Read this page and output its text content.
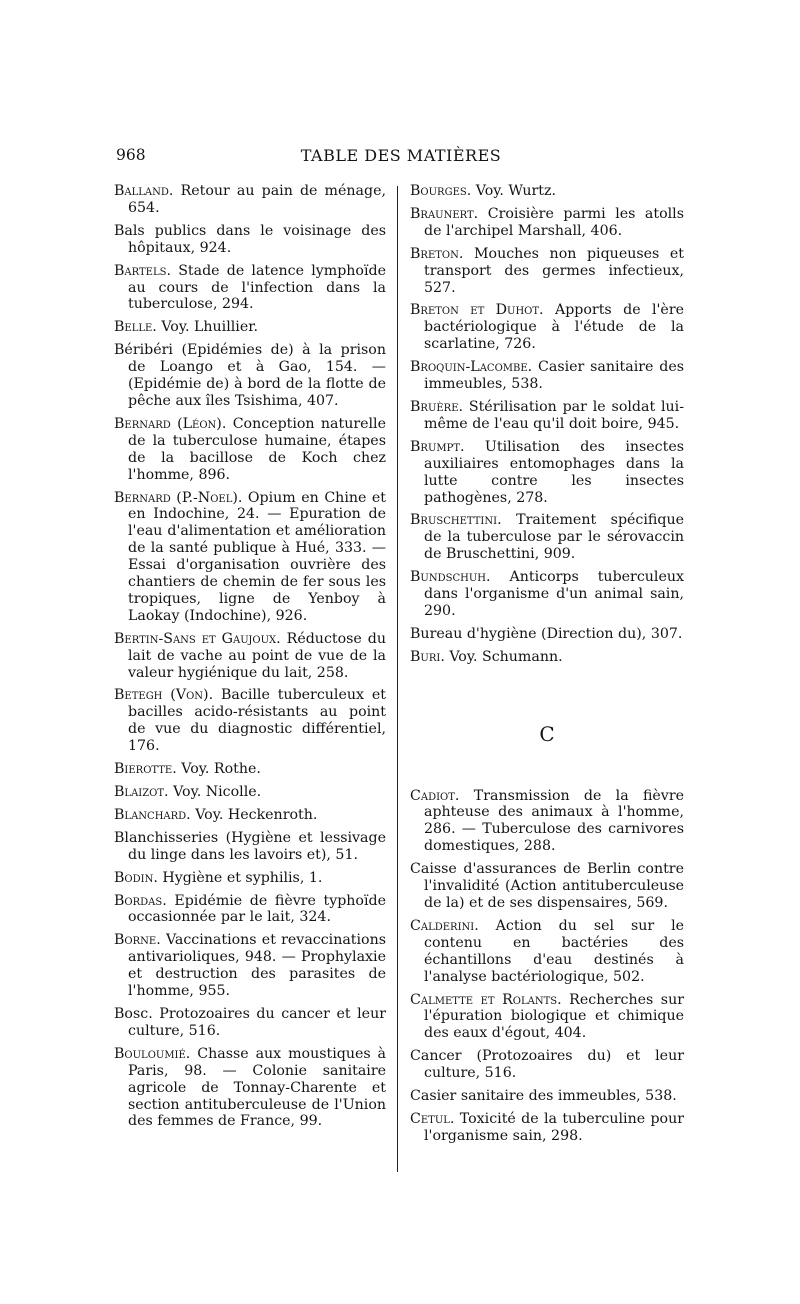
968	TABLE DES MATIÈRES

Balland. Retour au pain de ménage, 654.

Bals publics dans le voisinage des hôpitaux, 924.

Bartels. Stade de latence lymphoïde au cours de l'infection dans la tuberculose, 294.

Belle. Voy. Lhuillier.

Béribéri (Epidémies de) à la prison de Loango et à Gao, 154. — (Epidémie de) à bord de la flotte de pêche aux îles Tsishima, 407.

Bernard (Léon). Conception naturelle de la tuberculose humaine, étapes de la bacillose de Koch chez l'homme, 896.

Bernard (P.-Noel). Opium en Chine et en Indochine, 24. — Epuration de l'eau d'alimentation et amélioration de la santé publique à Hué, 333. — Essai d'organisation ouvrière des chantiers de chemin de fer sous les tropiques, ligne de Yenboy à Laokay (Indochine), 926.

Bertin-Sans et Gaujoux. Réductose du lait de vache au point de vue de la valeur hygiénique du lait, 258.

Betegh (Von). Bacille tuberculeux et bacilles acido-résistants au point de vue du diagnostic différentiel, 176.

Bierotte. Voy. Rothe.

Blaizot. Voy. Nicolle.

Blanchard. Voy. Heckenroth.

Blanchisseries (Hygiène et lessivage du linge dans les lavoirs et), 51.

Bodin. Hygiène et syphilis, 1.

Bordas. Epidémie de fièvre typhoïde occasionnée par le lait, 324.

Borne. Vaccinations et revaccinations antivarioliques, 948. — Prophylaxie et destruction des parasites de l'homme, 955.

Bosc. Protozoaires du cancer et leur culture, 516.

Bouloumié. Chasse aux moustiques à Paris, 98. — Colonie sanitaire agricole de Tonnay-Charente et section antituberculeuse de l'Union des femmes de France, 99.

Bourges. Voy. Wurtz.

Braunert. Croisière parmi les atolls de l'archipel Marshall, 406.

Breton. Mouches non piqueuses et transport des germes infectieux, 527.

Breton et Duhot. Apports de l'ère bactériologique à l'étude de la scarlatine, 726.

Broquin-Lacombe. Casier sanitaire des immeubles, 538.

Bruère. Stérilisation par le soldat lui-même de l'eau qu'il doit boire, 945.

Brumpt. Utilisation des insectes auxiliaires entomophages dans la lutte contre les insectes pathogènes, 278.

Bruschettini. Traitement spécifique de la tuberculose par le sérovaccin de Bruschettini, 909.

Bundschuh. Anticorps tuberculeux dans l'organisme d'un animal sain, 290.

Bureau d'hygiène (Direction du), 307.

Buri. Voy. Schumann.

C

Cadiot. Transmission de la fièvre aphteuse des animaux à l'homme, 286. — Tuberculose des carnivores domestiques, 288.

Caisse d'assurances de Berlin contre l'invalidité (Action antituberculeuse de la) et de ses dispensaires, 569.

Calderini. Action du sel sur le contenu en bactéries des échantillons d'eau destinés à l'analyse bactériologique, 502.

Calmette et Rolants. Recherches sur l'épuration biologique et chimique des eaux d'égout, 404.

Cancer (Protozoaires du) et leur culture, 516.

Casier sanitaire des immeubles, 538.

Cetul. Toxicité de la tuberculine pour l'organisme sain, 298.
